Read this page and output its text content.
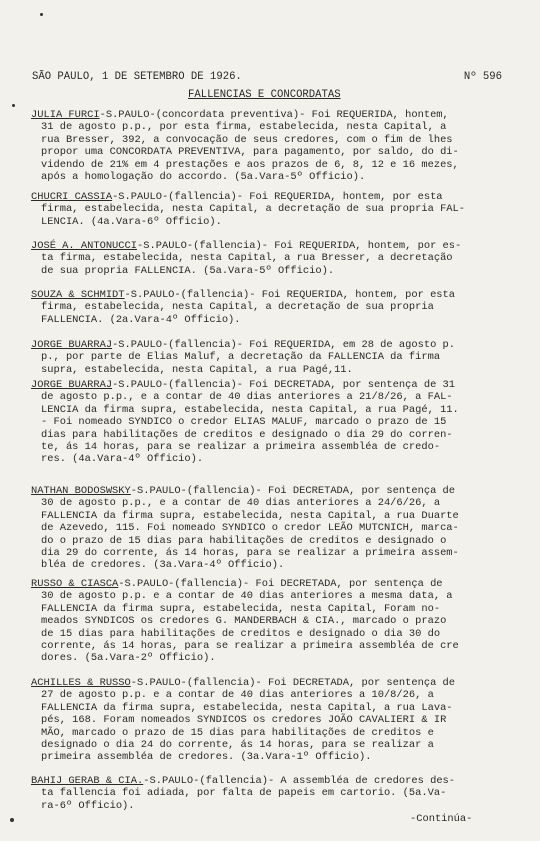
SÃO PAULO, 1 DE SETEMBRO DE 1926.	Nº 596
FALLENCIAS E CONCORDATAS
JULIA FURCI-S.PAULO-(concordata preventiva)- Foi REQUERIDA, hontem,
31 de agosto p.p., por esta firma, estabelecida, nesta Capital, a
rua Bresser, 392, a convocação de seus credores, com o fim de lhes
propor uma CONCORDATA PREVENTIVA, para pagamento, por saldo, do di-
videndo de 21% em 4 prestações e aos prazos de 6, 8, 12 e 16 mezes,
após a homologação do accordo. (5a.Vara-5º Officio).
CHUCRI CASSIA-S.PAULO-(fallencia)- Foi REQUERIDA, hontem, por esta
firma, estabelecida, nesta Capital, a decretação de sua propria FAL-
LENCIA. (4a.Vara-6º Officio).
JOSÉ A. ANTONUCCI-S.PAULO-(fallencia)- Foi REQUERIDA, hontem, por es-
ta firma, estabelecida, nesta Capital, a rua Bresser, a decretação
de sua propria FALLENCIA. (5a.Vara-5º Officio).
SOUZA & SCHMIDT-S.PAULO-(fallencia)- Foi REQUERIDA, hontem, por esta
firma, estabelecida, nesta Capital, a decretação de sua propria
FALLENCIA. (2a.Vara-4º Officio).
JORGE BUARRAJ-S.PAULO-(fallencia)- Foi REQUERIDA, em 28 de agosto p.
p., por parte de Elias Maluf, a decretação da FALLENCIA da firma
supra, estabelecida, nesta Capital, a rua Pagé,11.
JORGE BUARRAJ-S.PAULO-(fallencia)- Foi DECRETADA, por sentença de 31
de agosto p.p., e a contar de 40 dias anteriores a 21/8/26, a FAL-
LENCIA da firma supra, estabelecida, nesta Capital, a rua Pagé, 11.
- Foi nomeado SYNDICO o credor ELIAS MALUF, marcado o prazo de 15
dias para habilitações de creditos e designado o dia 29 do corren-
te, ás 14 horas, para se realizar a primeira assembléa de credo-
res. (4a.Vara-4º Officio).
NATHAN BODOSWSKY-S.PAULO-(fallencia)- Foi DECRETADA, por sentença de
30 de agosto p.p., e a contar de 40 dias anteriores a 24/6/26, a
FALLENCIA da firma supra, estabelecida, nesta Capital, a rua Duarte
de Azevedo, 115. Foi nomeado SYNDICO o credor LEÃO MUTCNICH, marca-
do o prazo de 15 dias para habilitações de creditos e designado o
dia 29 do corrente, ás 14 horas, para se realizar a primeira assem-
bléa de credores. (3a.Vara-4º Officio).
RUSSO & CIASCA-S.PAULO-(fallencia)- Foi DECRETADA, por sentença de
30 de agosto p.p. e a contar de 40 dias anteriores a mesma data, a
FALLENCIA da firma supra, estabelecida, nesta Capital, Foram no-
meados SYNDICOS os credores G. MANDERBACH & CIA., marcado o prazo
de 15 dias para habilitações de creditos e designado o dia 30 do
corrente, ás 14 horas, para se realizar a primeira assembléa de cre
dores. (5a.Vara-2º Officio).
ACHILLES & RUSSO-S.PAULO-(fallencia)- Foi DECRETADA, por sentença de
27 de agosto p.p. e a contar de 40 dias anteriores a 10/8/26, a
FALLENCIA da firma supra, estabelecida, nesta Capital, a rua Lava-
pés, 168. Foram nomeados SYNDICOS os credores JOÃO CAVALIERI & IR
MÃO, marcado o prazo de 15 dias para habilitações de creditos e
designado o dia 24 do corrente, ás 14 horas, para se realizar a
primeira assembléa de credores. (3a.Vara-1º Officio).
BAHIJ GERAB & CIA.-S.PAULO-(fallencia)- A assembléa de credores des-
ta fallencia foi adiada, por falta de papeis em cartorio. (5a.Va-
ra-6º Officio).
-Continúa-
